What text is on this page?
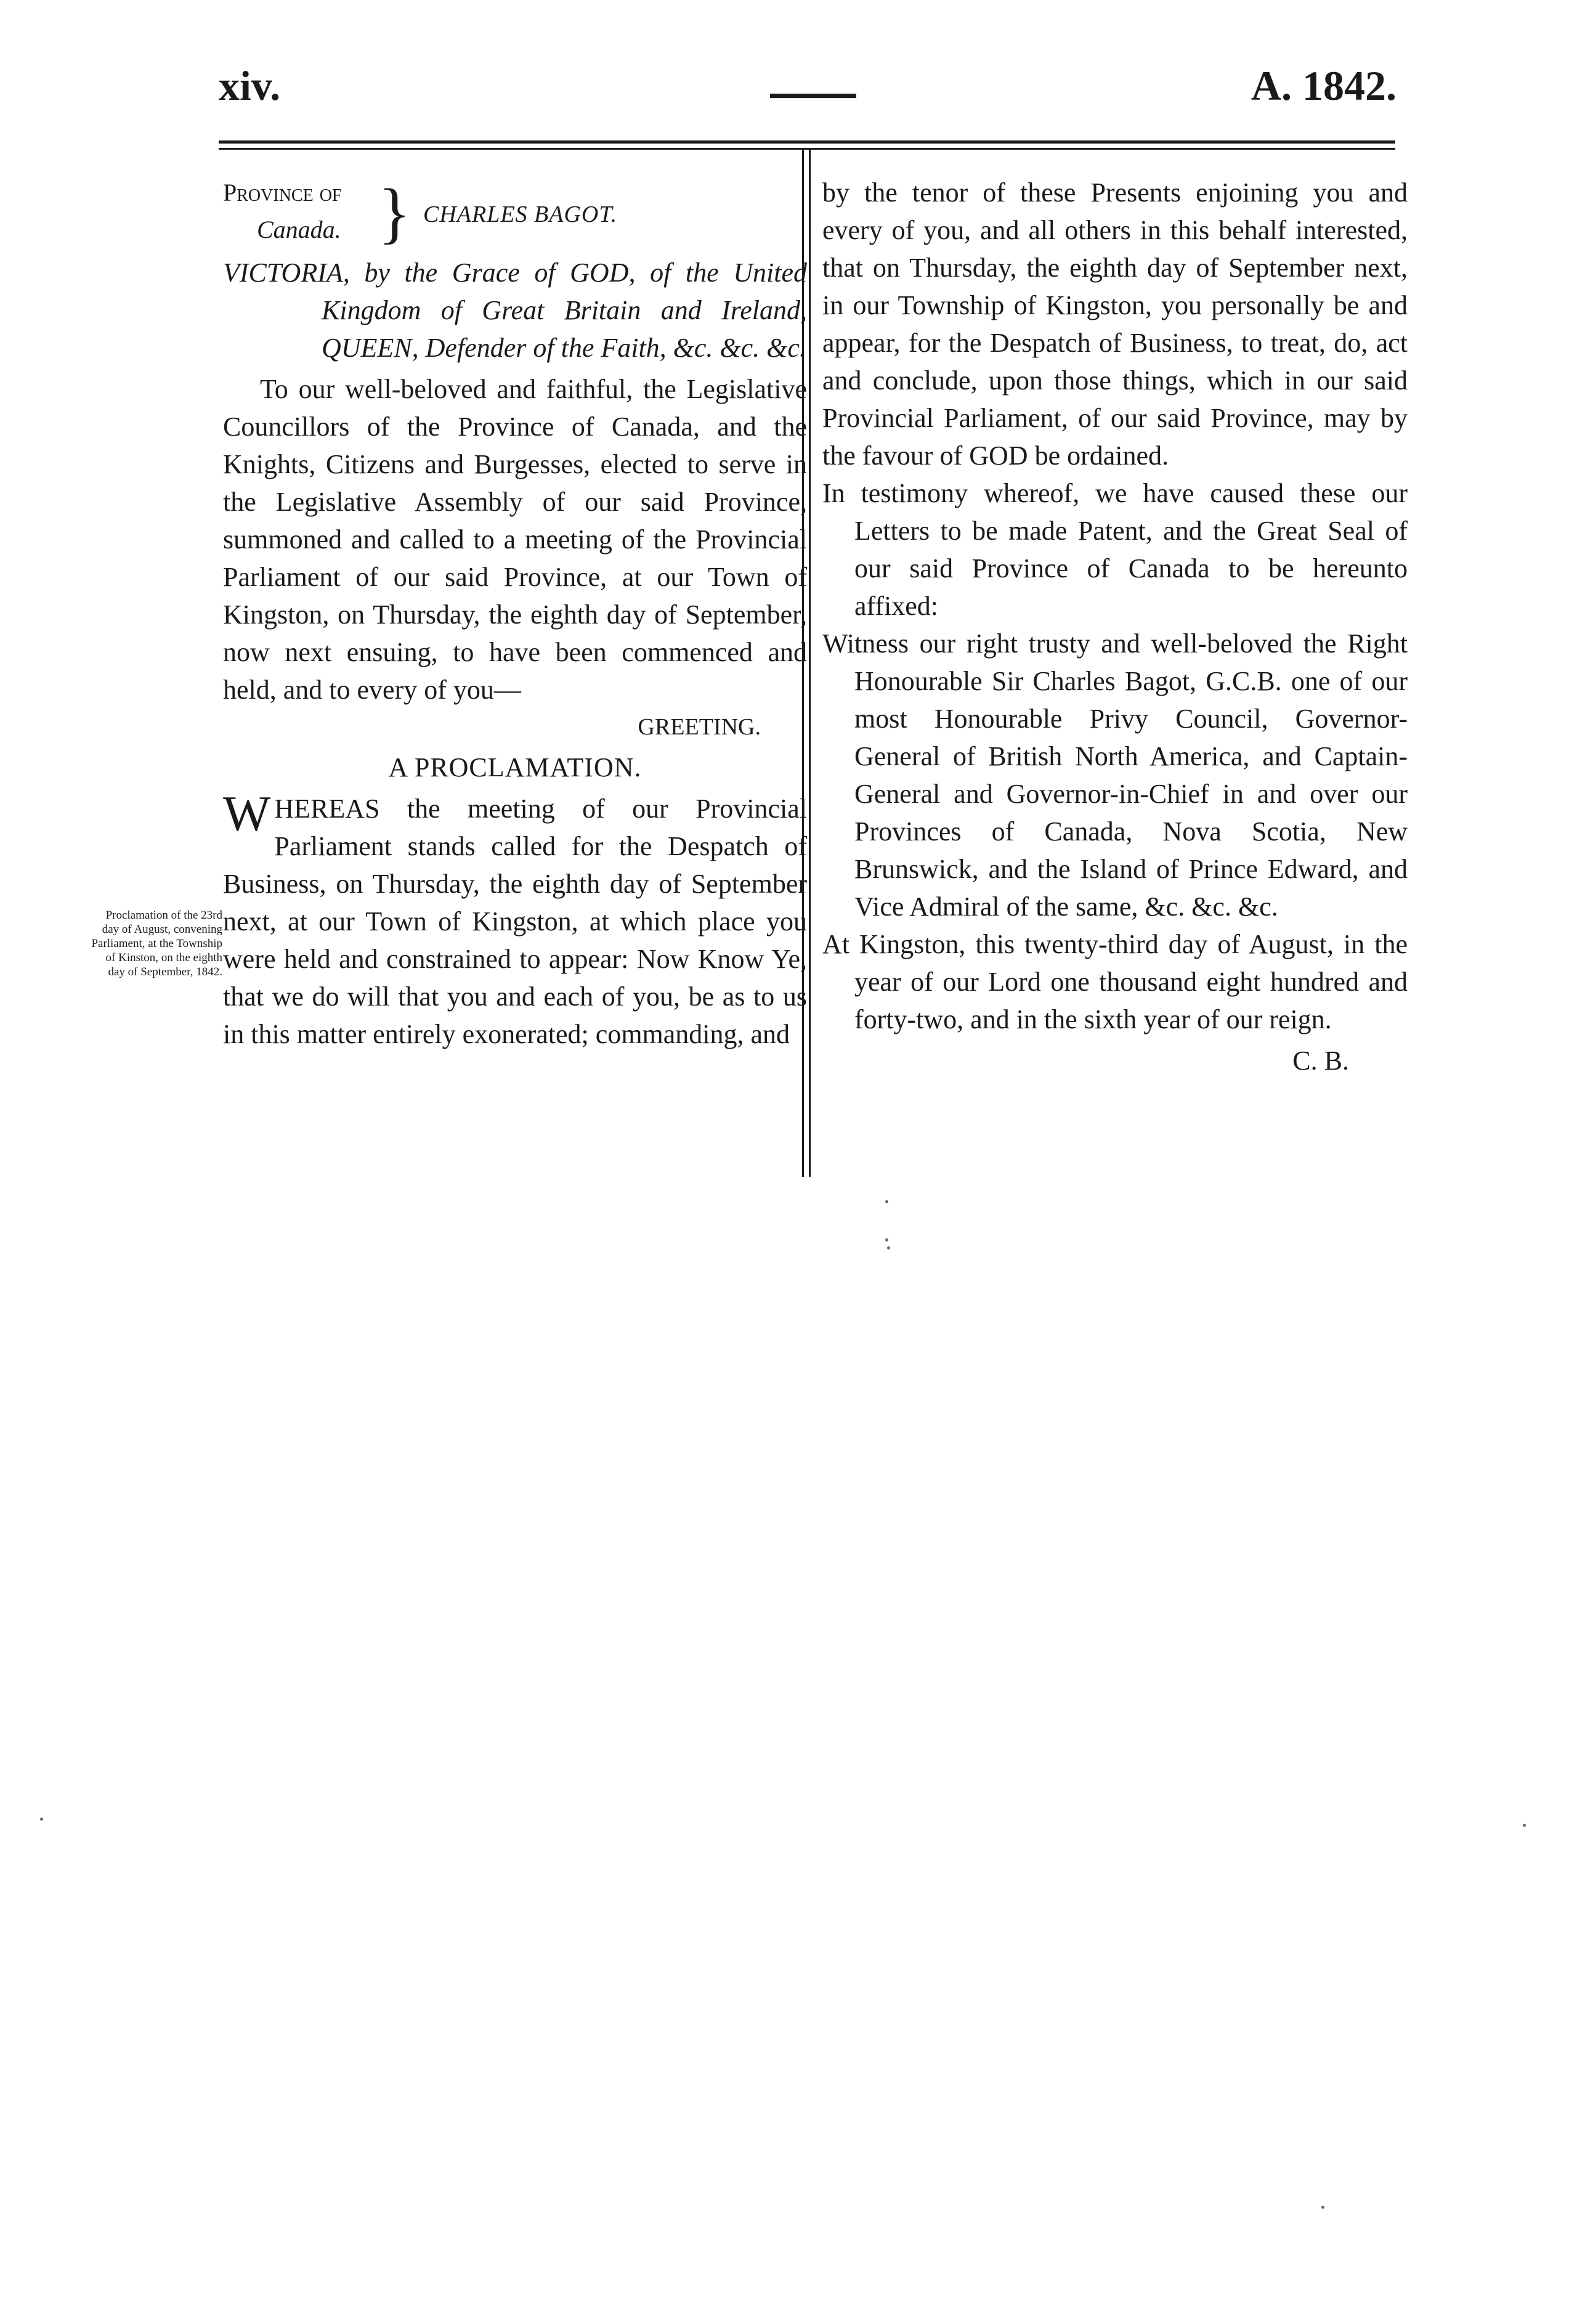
xiv.	A. 1842.
Province of
Canada. } CHARLES BAGOT.

VICTORIA, by the Grace of GOD, of the United Kingdom of Great Britain and Ireland, QUEEN, Defender of the Faith, &c. &c. &c.

To our well-beloved and faithful, the Legislative Councillors of the Province of Canada, and the Knights, Citizens and Burgesses, elected to serve in the Legislative Assembly of our said Province, summoned and called to a meeting of the Provincial Parliament of our said Province, at our Town of Kingston, on Thursday, the eighth day of September, now next ensuing, to have been commenced and held, and to every of you—

GREETING.

A PROCLAMATION.

W HEREAS the meeting of our Provincial Parliament stands called for the Despatch of Business, on Thursday, the eighth day of September next, at our Town of Kingston, at which place you were held and constrained to appear: Now Know Ye, that we do will that you and each of you, be as to us in this matter entirely exonerated; commanding, and

Proclamation of the 23rd day of August, convening Parliament, at the Township of Kinston, on the eighth day of September, 1842.

by the tenor of these Presents enjoining you and every of you, and all others in this behalf interested, that on Thursday, the eighth day of September next, in our Township of Kingston, you personally be and appear, for the Despatch of Business, to treat, do, act and conclude, upon those things, which in our said Provincial Parliament, of our said Province, may by the favour of GOD be ordained.

In testimony whereof, we have caused these our Letters to be made Patent, and the Great Seal of our said Province of Canada to be hereunto affixed:

Witness our right trusty and well-beloved the Right Honourable Sir Charles Bagot, G.C.B. one of our most Honourable Privy Council, Governor-General of British North America, and Captain-General and Governor-in-Chief in and over our Provinces of Canada, Nova Scotia, New Brunswick, and the Island of Prince Edward, and Vice Admiral of the same, &c. &c. &c.

At Kingston, this twenty-third day of August, in the year of our Lord one thousand eight hundred and forty-two, and in the sixth year of our reign.

C. B.
